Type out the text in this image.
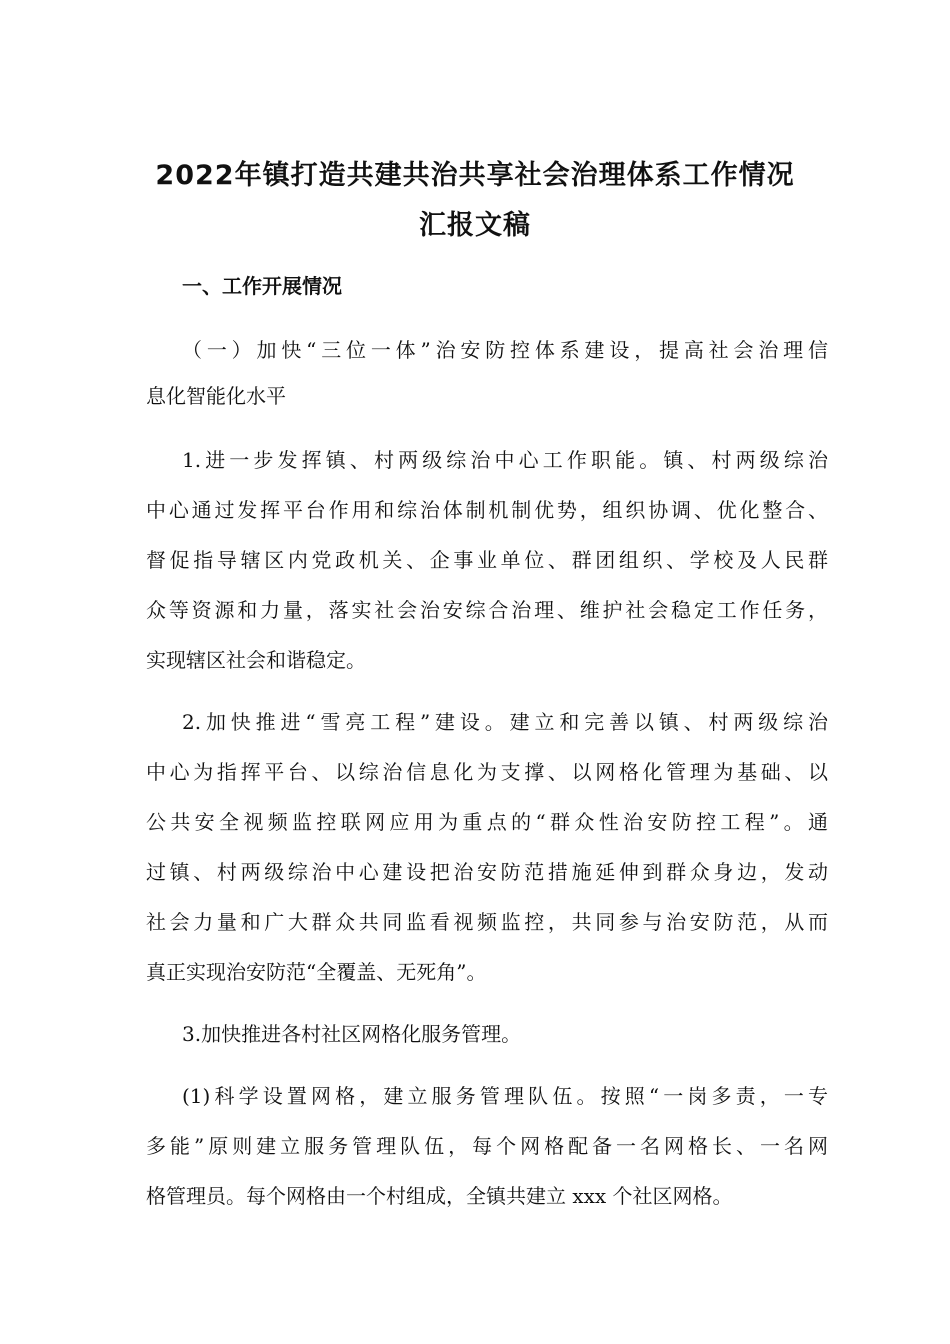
2022年镇打造共建共治共享社会治理体系工作情况
汇报文稿
一、工作开展情况
（一）加快“三位一体”治安防控体系建设，提高社会治理信
息化智能化水平
1.进一步发挥镇、村两级综治中心工作职能。镇、村两级综治
中心通过发挥平台作用和综治体制机制优势，组织协调、优化整合、
督促指导辖区内党政机关、企事业单位、群团组织、学校及人民群
众等资源和力量，落实社会治安综合治理、维护社会稳定工作任务，
实现辖区社会和谐稳定。
2.加快推进“雪亮工程”建设。建立和完善以镇、村两级综治
中心为指挥平台、以综治信息化为支撑、以网格化管理为基础、以
公共安全视频监控联网应用为重点的“群众性治安防控工程”。通
过镇、村两级综治中心建设把治安防范措施延伸到群众身边，发动
社会力量和广大群众共同监看视频监控，共同参与治安防范，从而
真正实现治安防范“全覆盖、无死角”。
3.加快推进各村社区网格化服务管理。
(1)科学设置网格，建立服务管理队伍。按照“一岗多责，一专
多能”原则建立服务管理队伍，每个网格配备一名网格长、一名网
格管理员。每个网格由一个村组成，全镇共建立 xxx 个社区网格。
